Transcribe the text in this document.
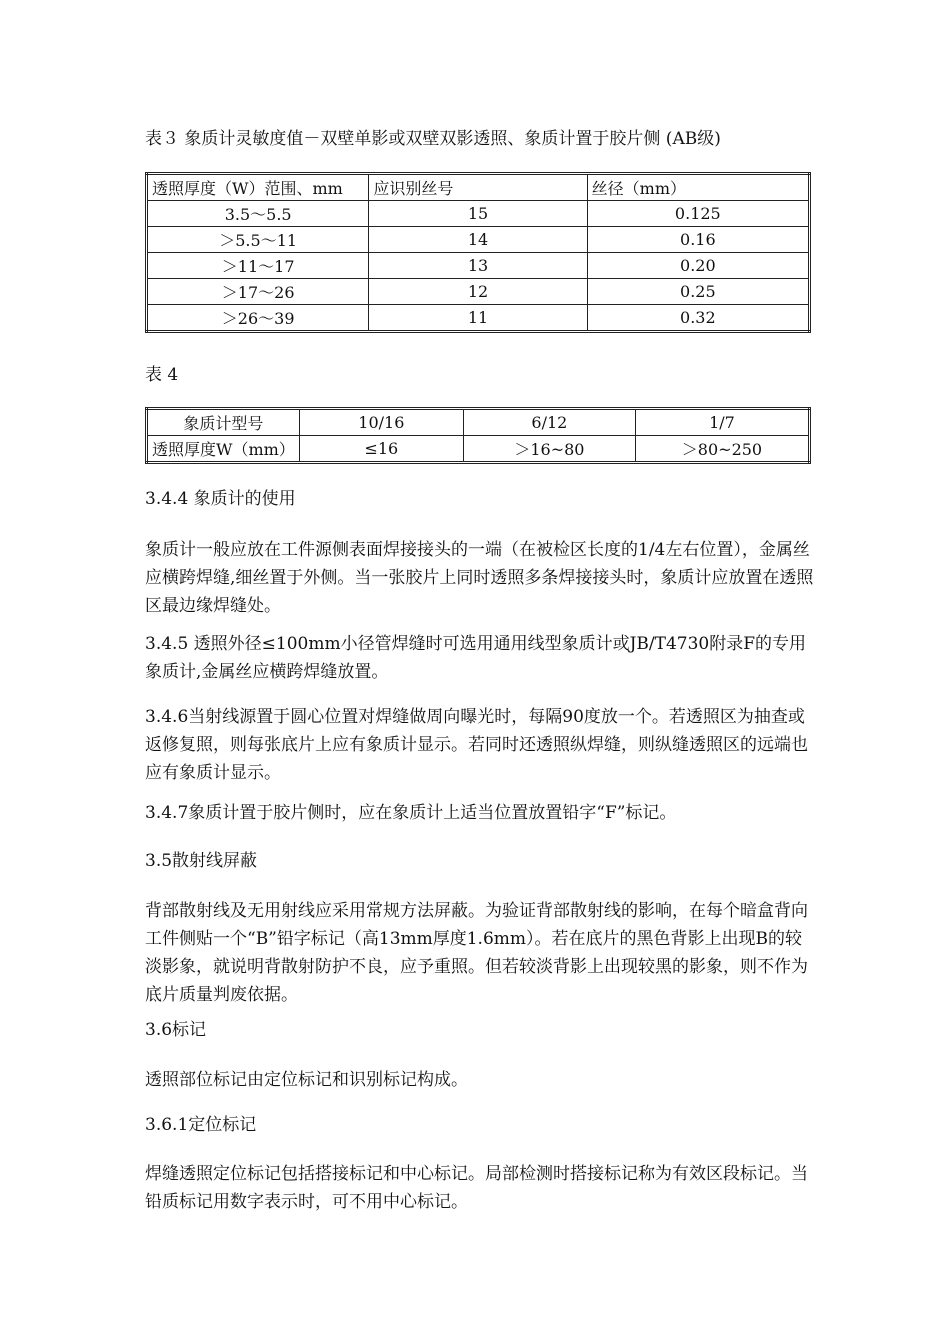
表３ 象质计灵敏度值－双壁单影或双壁双影透照、象质计置于胶片侧 (AB级)

透照厚度（W）范围、mm	应识别丝号	丝径（mm）
3.5～5.5	15	0.125
＞5.5～11	14	0.16
＞11～17	13	0.20
＞17～26	12	0.25
＞26～39	11	0.32

表 4

象质计型号	10/16	6/12	1/7
透照厚度W（mm）	≤16	＞16~80	＞80~250

3.4.4 象质计的使用

象质计一般应放在工件源侧表面焊接接头的一端（在被检区长度的1/4左右位置），金属丝应横跨焊缝,细丝置于外侧。当一张胶片上同时透照多条焊接接头时，象质计应放置在透照区最边缘焊缝处。

3.4.5 透照外径≤100mm小径管焊缝时可选用通用线型象质计或JB/T4730附录F的专用象质计,金属丝应横跨焊缝放置。

3.4.6当射线源置于圆心位置对焊缝做周向曝光时，每隔90度放一个。若透照区为抽查或返修复照，则每张底片上应有象质计显示。若同时还透照纵焊缝，则纵缝透照区的远端也应有象质计显示。

3.4.7象质计置于胶片侧时，应在象质计上适当位置放置铅字“F”标记。

3.5散射线屏蔽

背部散射线及无用射线应采用常规方法屏蔽。为验证背部散射线的影响，在每个暗盒背向工件侧贴一个“B”铅字标记（高13mm厚度1.6mm）。若在底片的黑色背影上出现B的较淡影象，就说明背散射防护不良，应予重照。但若较淡背影上出现较黑的影象，则不作为底片质量判废依据。

3.6标记

透照部位标记由定位标记和识别标记构成。

3.6.1定位标记

焊缝透照定位标记包括搭接标记和中心标记。局部检测时搭接标记称为有效区段标记。当铅质标记用数字表示时，可不用中心标记。
